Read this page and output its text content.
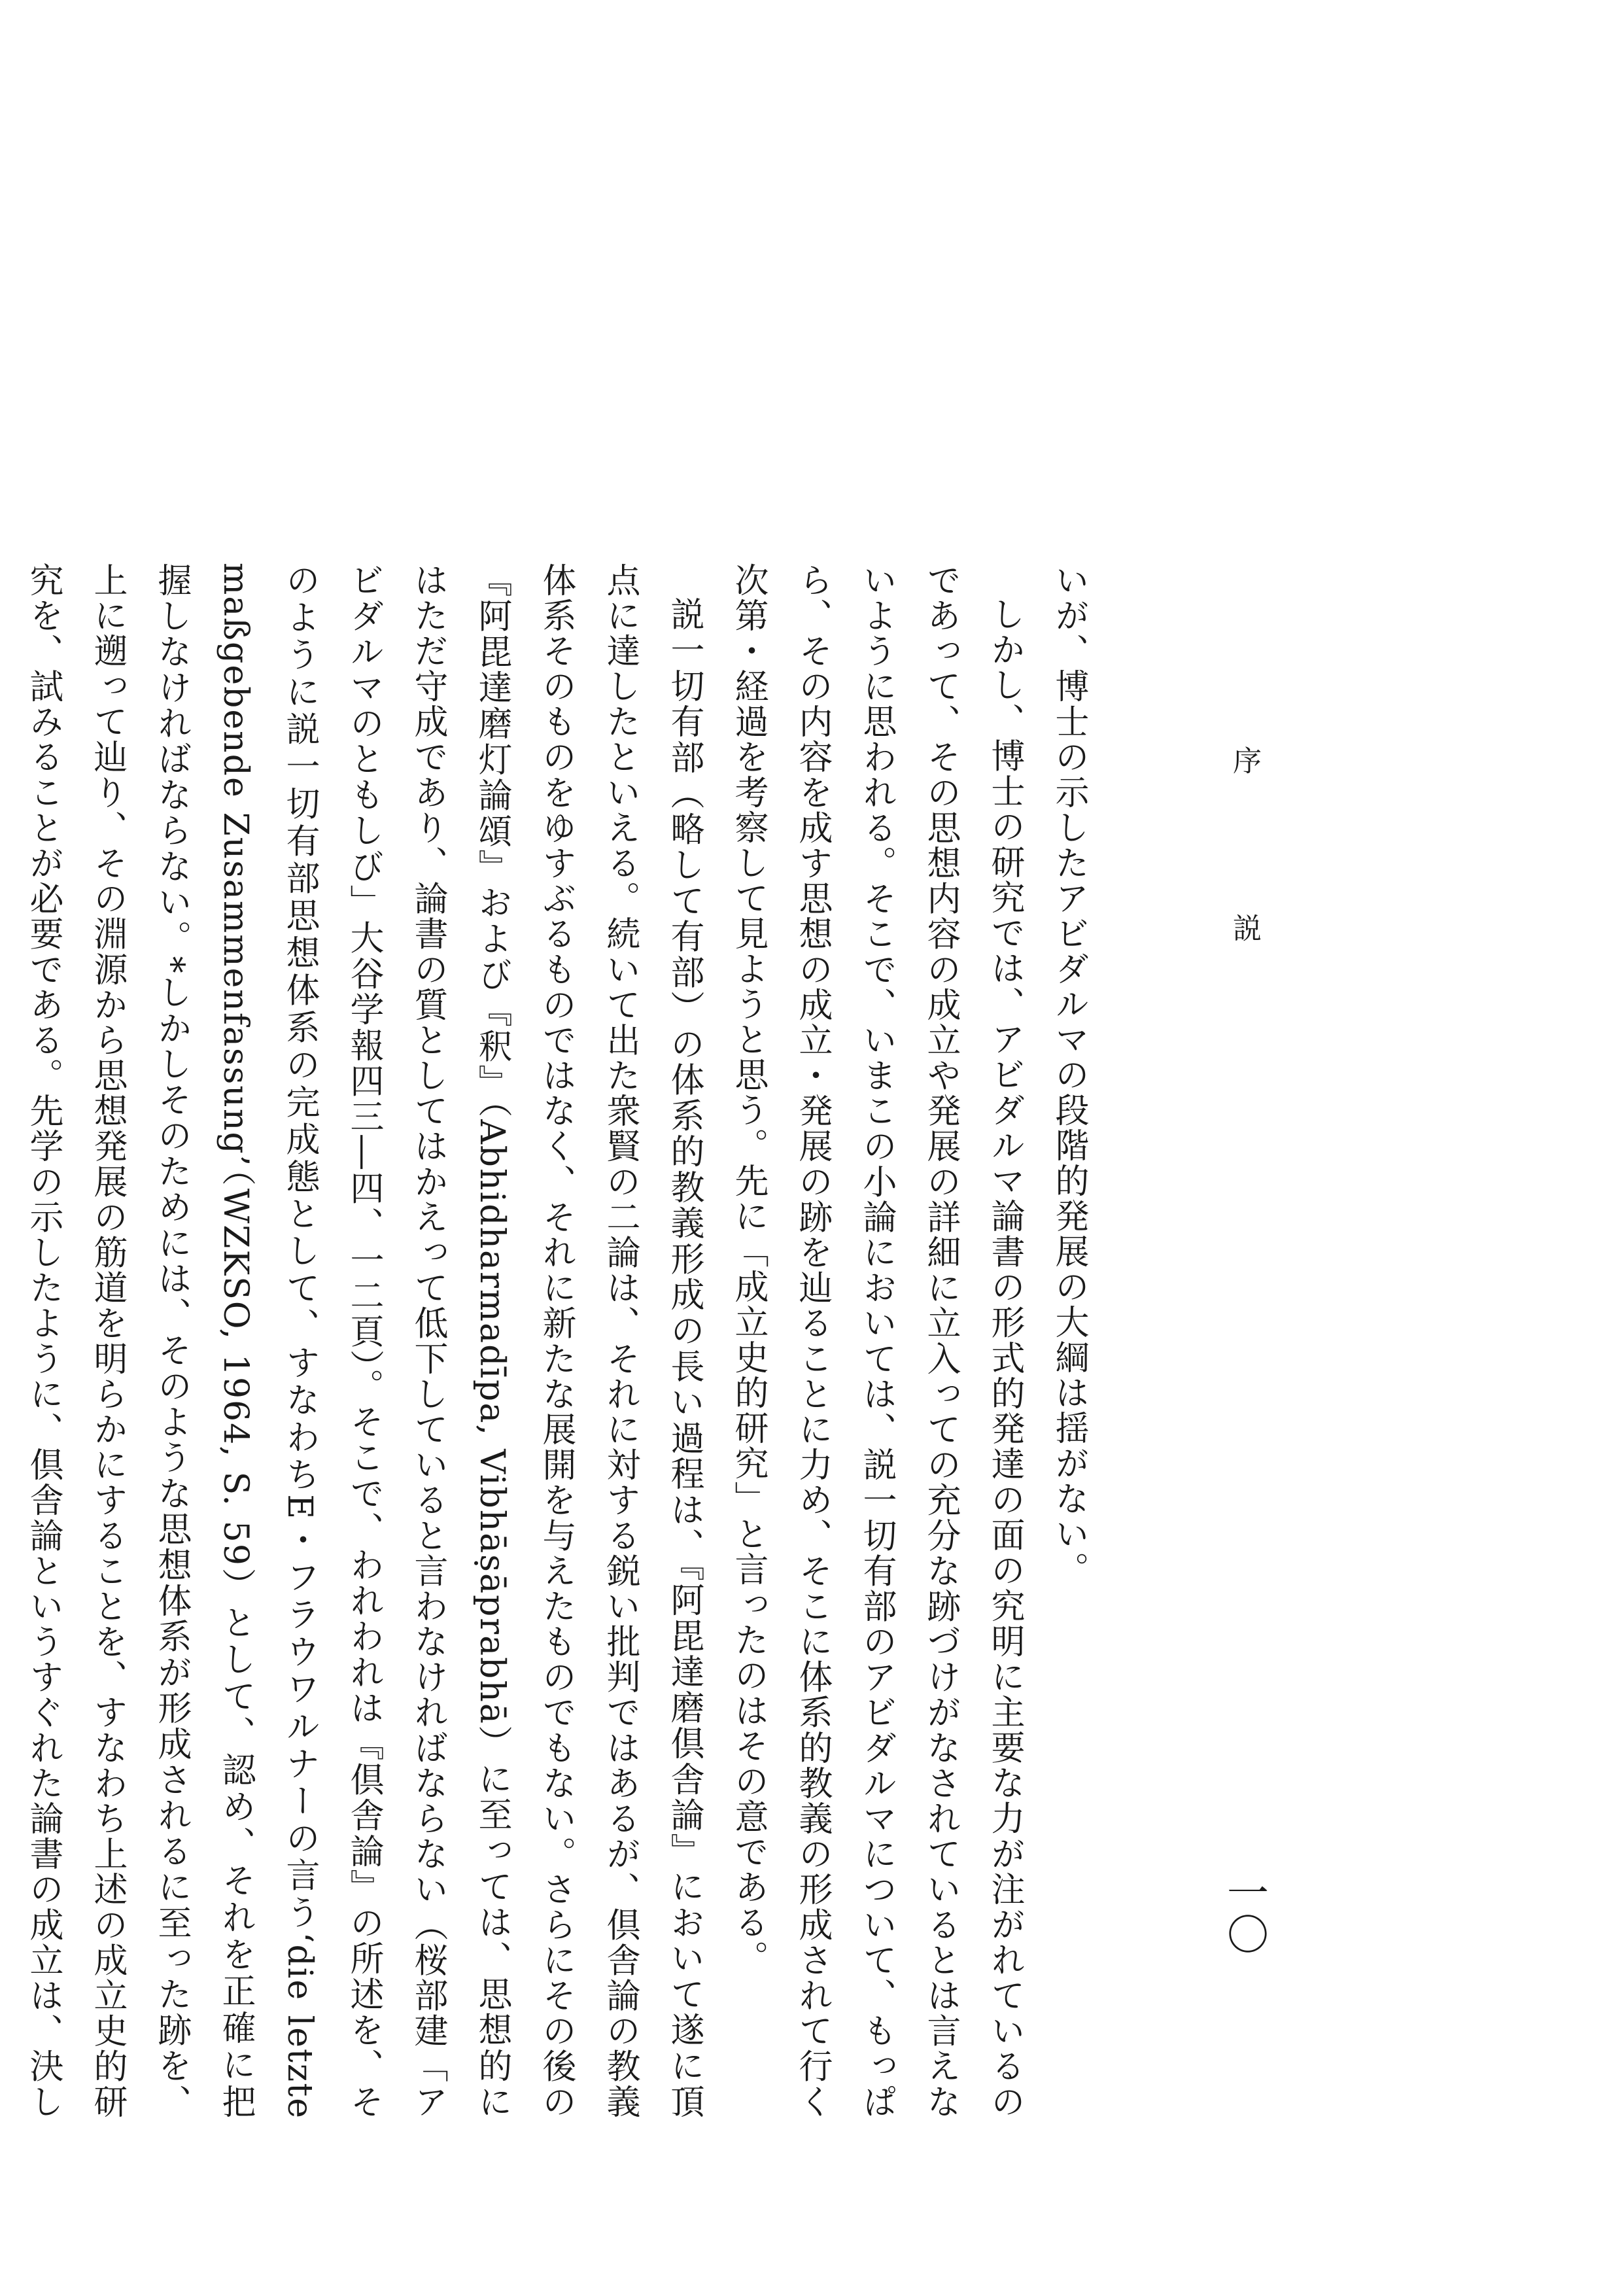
一〇
序　説

いが、博士の示したアビダルマの段階的発展の大綱は揺がない。

しかし、博士の研究では、アビダルマ論書の形式的発達の面の究明に主要な力が注がれているのであって、その思想内容の成立や発展の詳細に立入っての充分な跡づけがなされているとは言えないように思われる。そこで、いまこの小論においては、説一切有部のアビダルマについて、もっぱら、その内容を成す思想の成立・発展の跡を辿ることに力め、そこに体系的教義の形成されて行く次第・経過を考察して見ようと思う。先に「成立史的研究」と言ったのはその意である。

説一切有部（略して有部）の体系的教義形成の長い過程は、『阿毘達磨倶舎論』において遂に頂点に達したといえる。続いて出た衆賢の二論は、それに対する鋭い批判ではあるが、倶舎論の教義体系そのものをゆすぶるものではなく、それに新たな展開を与えたものでもない。さらにその後の『阿毘達磨灯論頌』および『釈』（Abhidharmadīpa, Vibhāṣāprabhā）に至っては、思想的にはただ守成であり、論書の質としてはかえって低下していると言わなければならない（桜部建「アビダルマのともしび」大谷学報四三―四、一二頁）。そこで、われわれは『倶舎論』の所述を、そのように説一切有部思想体系の完成態として、すなわちE・フラウワルナーの言う‘die letzte maßgebende Zusammenfassung’（WZKSO, 1964, S. 59）として、認め、それを正確に把握しなければならない。*しかしそのためには、そのような思想体系が形成されるに至った跡を、上に遡って辿り、その淵源から思想発展の筋道を明らかにすることを、すなわち上述の成立史的研究を、試みることが必要である。先学の示したように、倶舎論というすぐれた論書の成立は、決し
